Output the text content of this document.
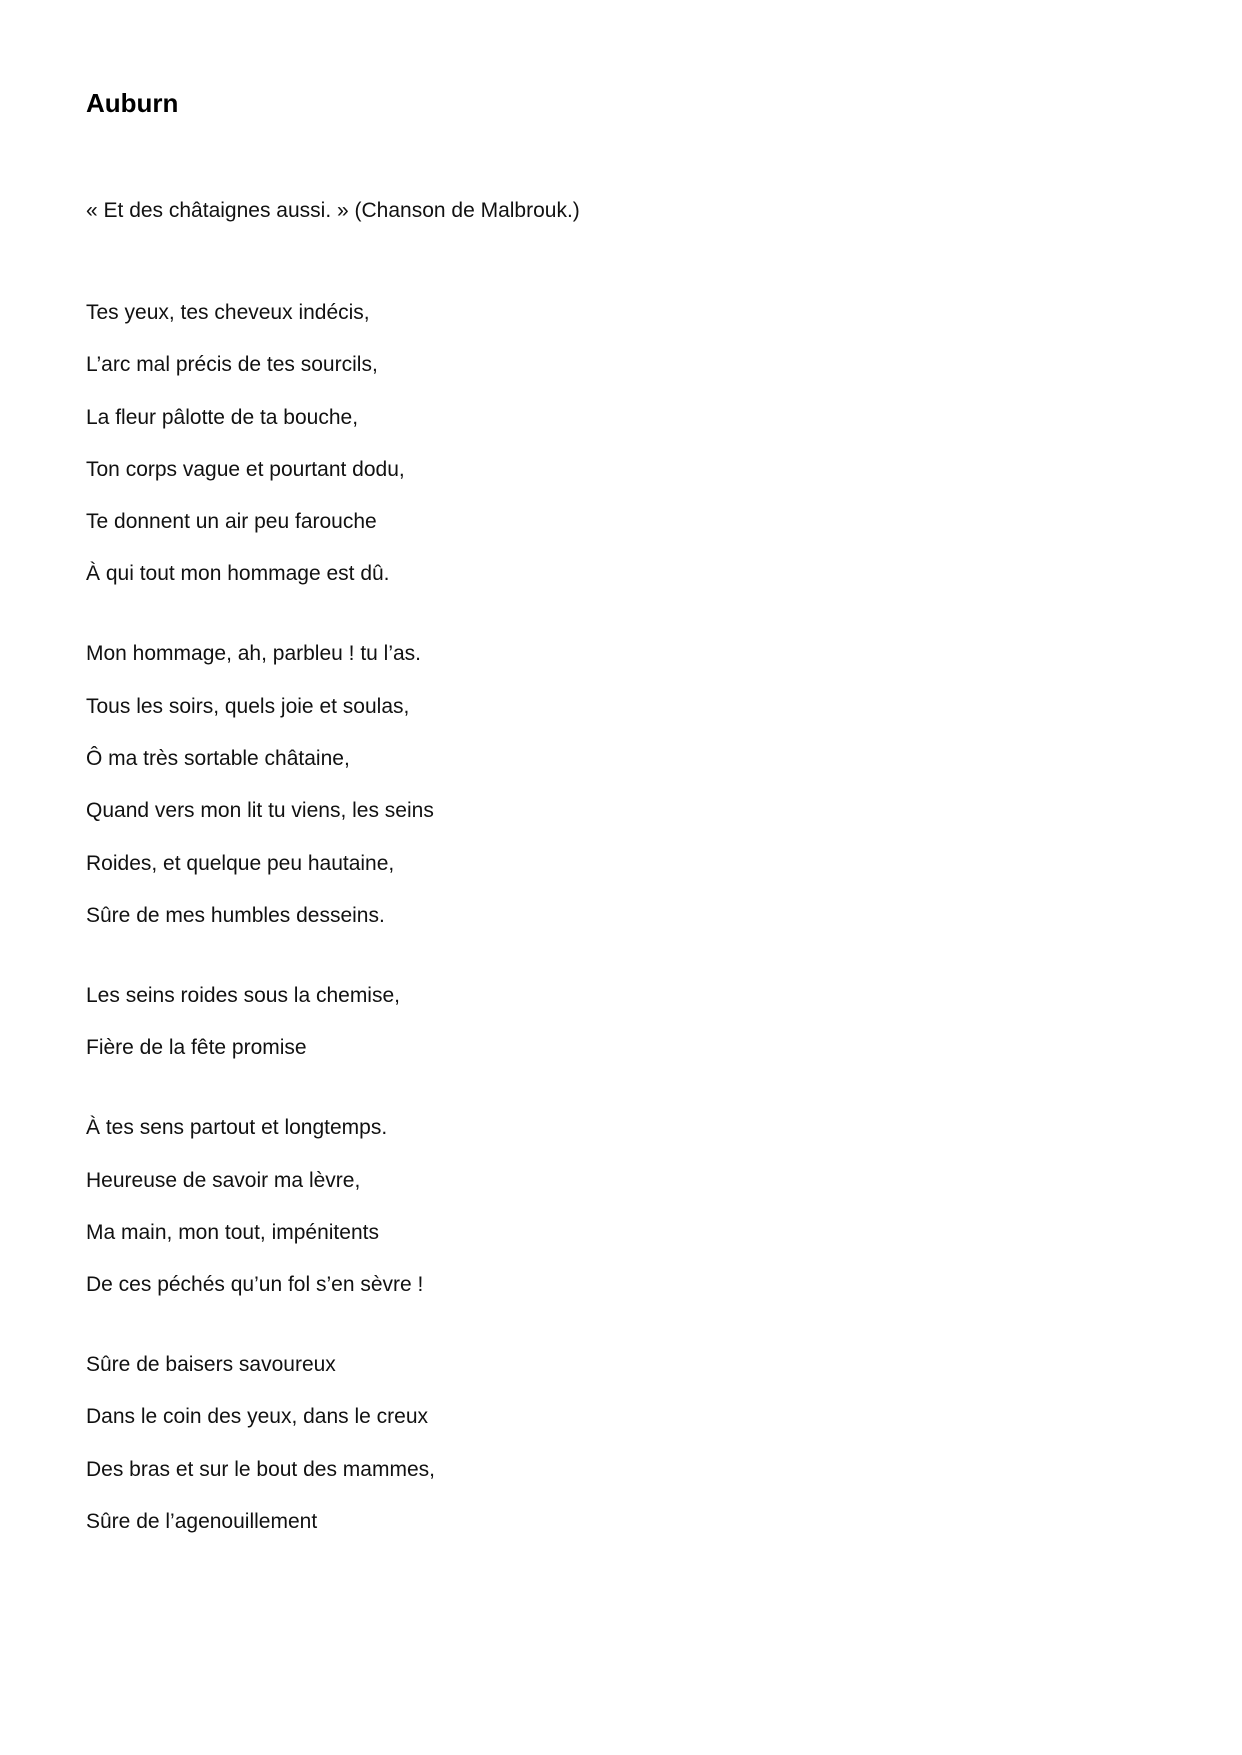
Auburn

« Et des châtaignes aussi. » (Chanson de Malbrouk.)

Tes yeux, tes cheveux indécis,
L’arc mal précis de tes sourcils,
La fleur pâlotte de ta bouche,
Ton corps vague et pourtant dodu,
Te donnent un air peu farouche
À qui tout mon hommage est dû.
Mon hommage, ah, parbleu ! tu l’as.
Tous les soirs, quels joie et soulas,
Ô ma très sortable châtaine,
Quand vers mon lit tu viens, les seins
Roides, et quelque peu hautaine,
Sûre de mes humbles desseins.
Les seins roides sous la chemise,
Fière de la fête promise
À tes sens partout et longtemps.
Heureuse de savoir ma lèvre,
Ma main, mon tout, impénitents
De ces péchés qu’un fol s’en sèvre !
Sûre de baisers savoureux
Dans le coin des yeux, dans le creux
Des bras et sur le bout des mammes,
Sûre de l’agenouillement
